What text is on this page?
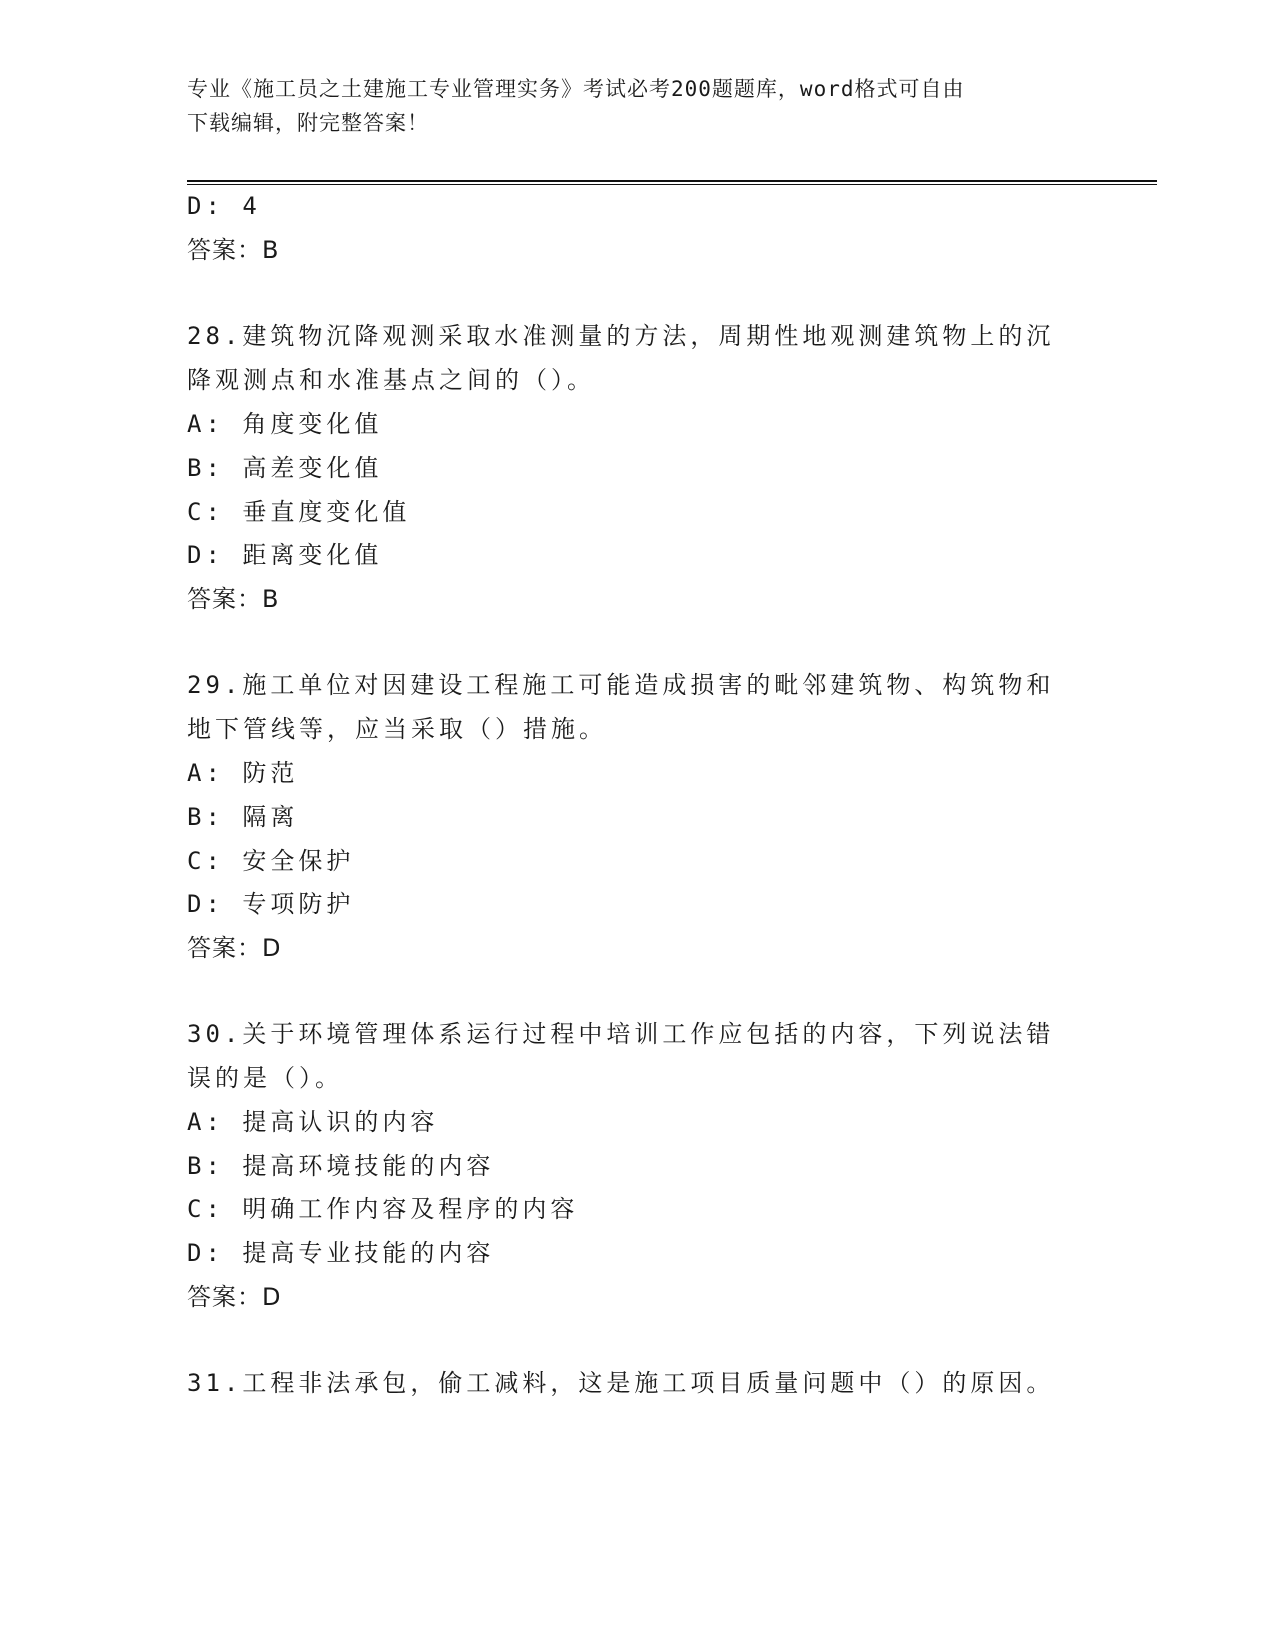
专业《施工员之土建施工专业管理实务》考试必考200题题库，word格式可自由
下载编辑，附完整答案！
D: 4
答案：B
28.建筑物沉降观测采取水准测量的方法，周期性地观测建筑物上的沉
降观测点和水准基点之间的（）。
A: 角度变化值
B: 高差变化值
C: 垂直度变化值
D: 距离变化值
答案：B
29.施工单位对因建设工程施工可能造成损害的毗邻建筑物、构筑物和
地下管线等，应当采取（）措施。
A: 防范
B: 隔离
C: 安全保护
D: 专项防护
答案：D
30.关于环境管理体系运行过程中培训工作应包括的内容，下列说法错
误的是（）。
A: 提高认识的内容
B: 提高环境技能的内容
C: 明确工作内容及程序的内容
D: 提高专业技能的内容
答案：D
31.工程非法承包，偷工减料，这是施工项目质量问题中（）的原因。
